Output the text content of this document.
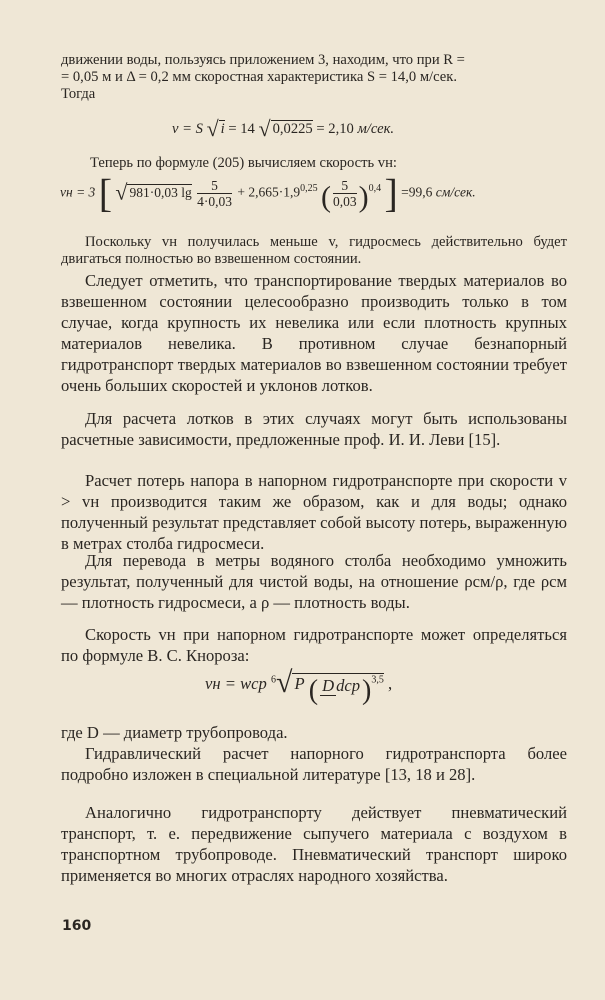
движении воды, пользуясь приложением 3, находим, что при R =
= 0,05 м и Δ = 0,2 мм скоростная характеристика S = 14,0 м/сек.
Тогда
v = S √ i = 14 √ 0,0225 = 2,10 м/сек.
Теперь по формуле (205) вычисляем скорость vн:
vн = 3 [ √ 981·0,03 $\lg \frac{5}{4\cdot 0,03} + 2,665\cdot 1,9^{0,25}$ ( $\frac{5}{0,03} )^{0,4}$ ] =99,6 см/сек.
Поскольку vн получилась меньше v, гидросмесь действительно будет двигаться полностью во взвешенном состоянии.
Следует отметить, что транспортирование твердых материалов во взвешенном состоянии целесообразно производить только в том случае, когда крупность их невелика или если плотность крупных материалов невелика. В противном случае безнапорный гидротранспорт твердых материалов во взвешенном состоянии требует очень больших скоростей и уклонов лотков.
Для расчета лотков в этих случаях могут быть использованы расчетные зависимости, предложенные проф. И. И. Леви [15].
Расчет потерь напора в напорном гидротранспорте при скорости v > vн производится таким же образом, как и для воды; однако полученный результат представляет собой высоту потерь, выраженную в метрах столба гидросмеси.
Для перевода в метры водяного столба необходимо умножить результат, полученный для чистой воды, на отношение ρсм/ρ, где ρсм — плотность гидросмеси, а ρ — плотность воды.
Скорость vн при напорном гидротранспорте может определяться по формуле В. С. Кнороза:
vн = wср $^6$√ P ( D dср)$^{3,5}$ ,
где D — диаметр трубопровода.
Гидравлический расчет напорного гидротранспорта более подробно изложен в специальной литературе [13, 18 и 28].
Аналогично гидротранспорту действует пневматический транспорт, т. е. передвижение сыпучего материала с воздухом в транспортном трубопроводе. Пневматический транспорт широко применяется во многих отраслях народного хозяйства.
160
